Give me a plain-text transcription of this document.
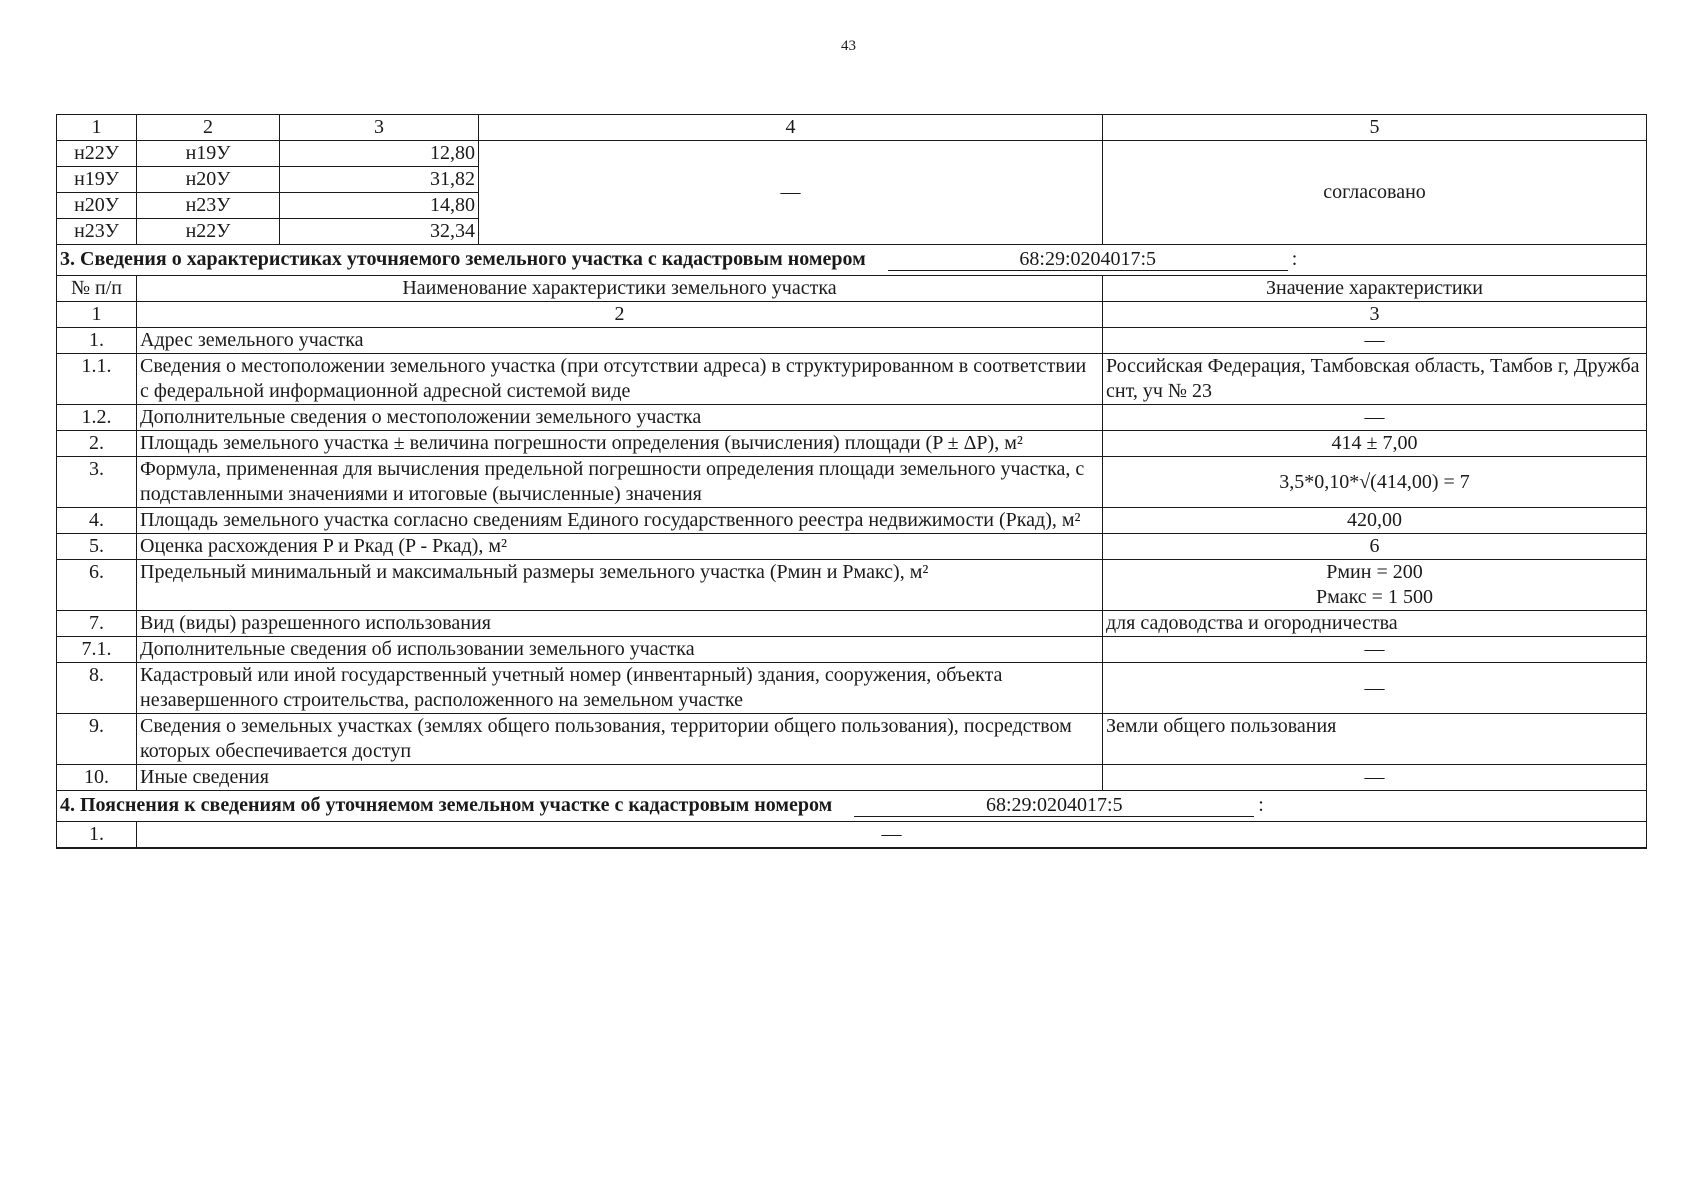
43
1	2	3	4	5
н22У	н19У	12,80	—	согласовано
н19У	н20У	31,82		
н20У	н23У	14,80		
н23У	н22У	32,34		
3. Сведения о характеристиках уточняемого земельного участка с кадастровым номером 68:29:0204017:5 :				
№ п/п	Наименование характеристики земельного участка			Значение характеристики
1	2			3
1.	Адрес земельного участка			—
1.1.	Сведения о местоположении земельного участка (при отсутствии адреса) в структурированном в соответствии с федеральной информационной адресной системой виде			Российская Федерация, Тамбовская область, Тамбов г, Дружба снт, уч № 23
1.2.	Дополнительные сведения о местоположении земельного участка			—
2.	Площадь земельного участка ± величина погрешности определения (вычисления) площади (P ± ΔP), м²			414 ± 7,00
3.	Формула, примененная для вычисления предельной погрешности определения площади земельного участка, с подставленными значениями и итоговые (вычисленные) значения			3,5*0,10*√(414,00) = 7
4.	Площадь земельного участка согласно сведениям Единого государственного реестра недвижимости (Pкад), м²			420,00
5.	Оценка расхождения P и Pкад (P - Pкад), м²			6
6.	Предельный минимальный и максимальный размеры земельного участка (Pмин и Pмакс), м²			Pмин = 200
Pмакс = 1 500

7.	Вид (виды) разрешенного использования			для садоводства и огородничества
7.1.	Дополнительные сведения об использовании земельного участка			—
8.	Кадастровый или иной государственный учетный номер (инвентарный) здания, сооружения, объекта незавершенного строительства, расположенного на земельном участке			—
9.	Сведения о земельных участках (землях общего пользования, территории общего пользования), посредством которых обеспечивается доступ			Земли общего пользования
10.	Иные сведения			—
4. Пояснения к сведениям об уточняемом земельном участке с кадастровым номером 68:29:0204017:5 :				
1.	—			
